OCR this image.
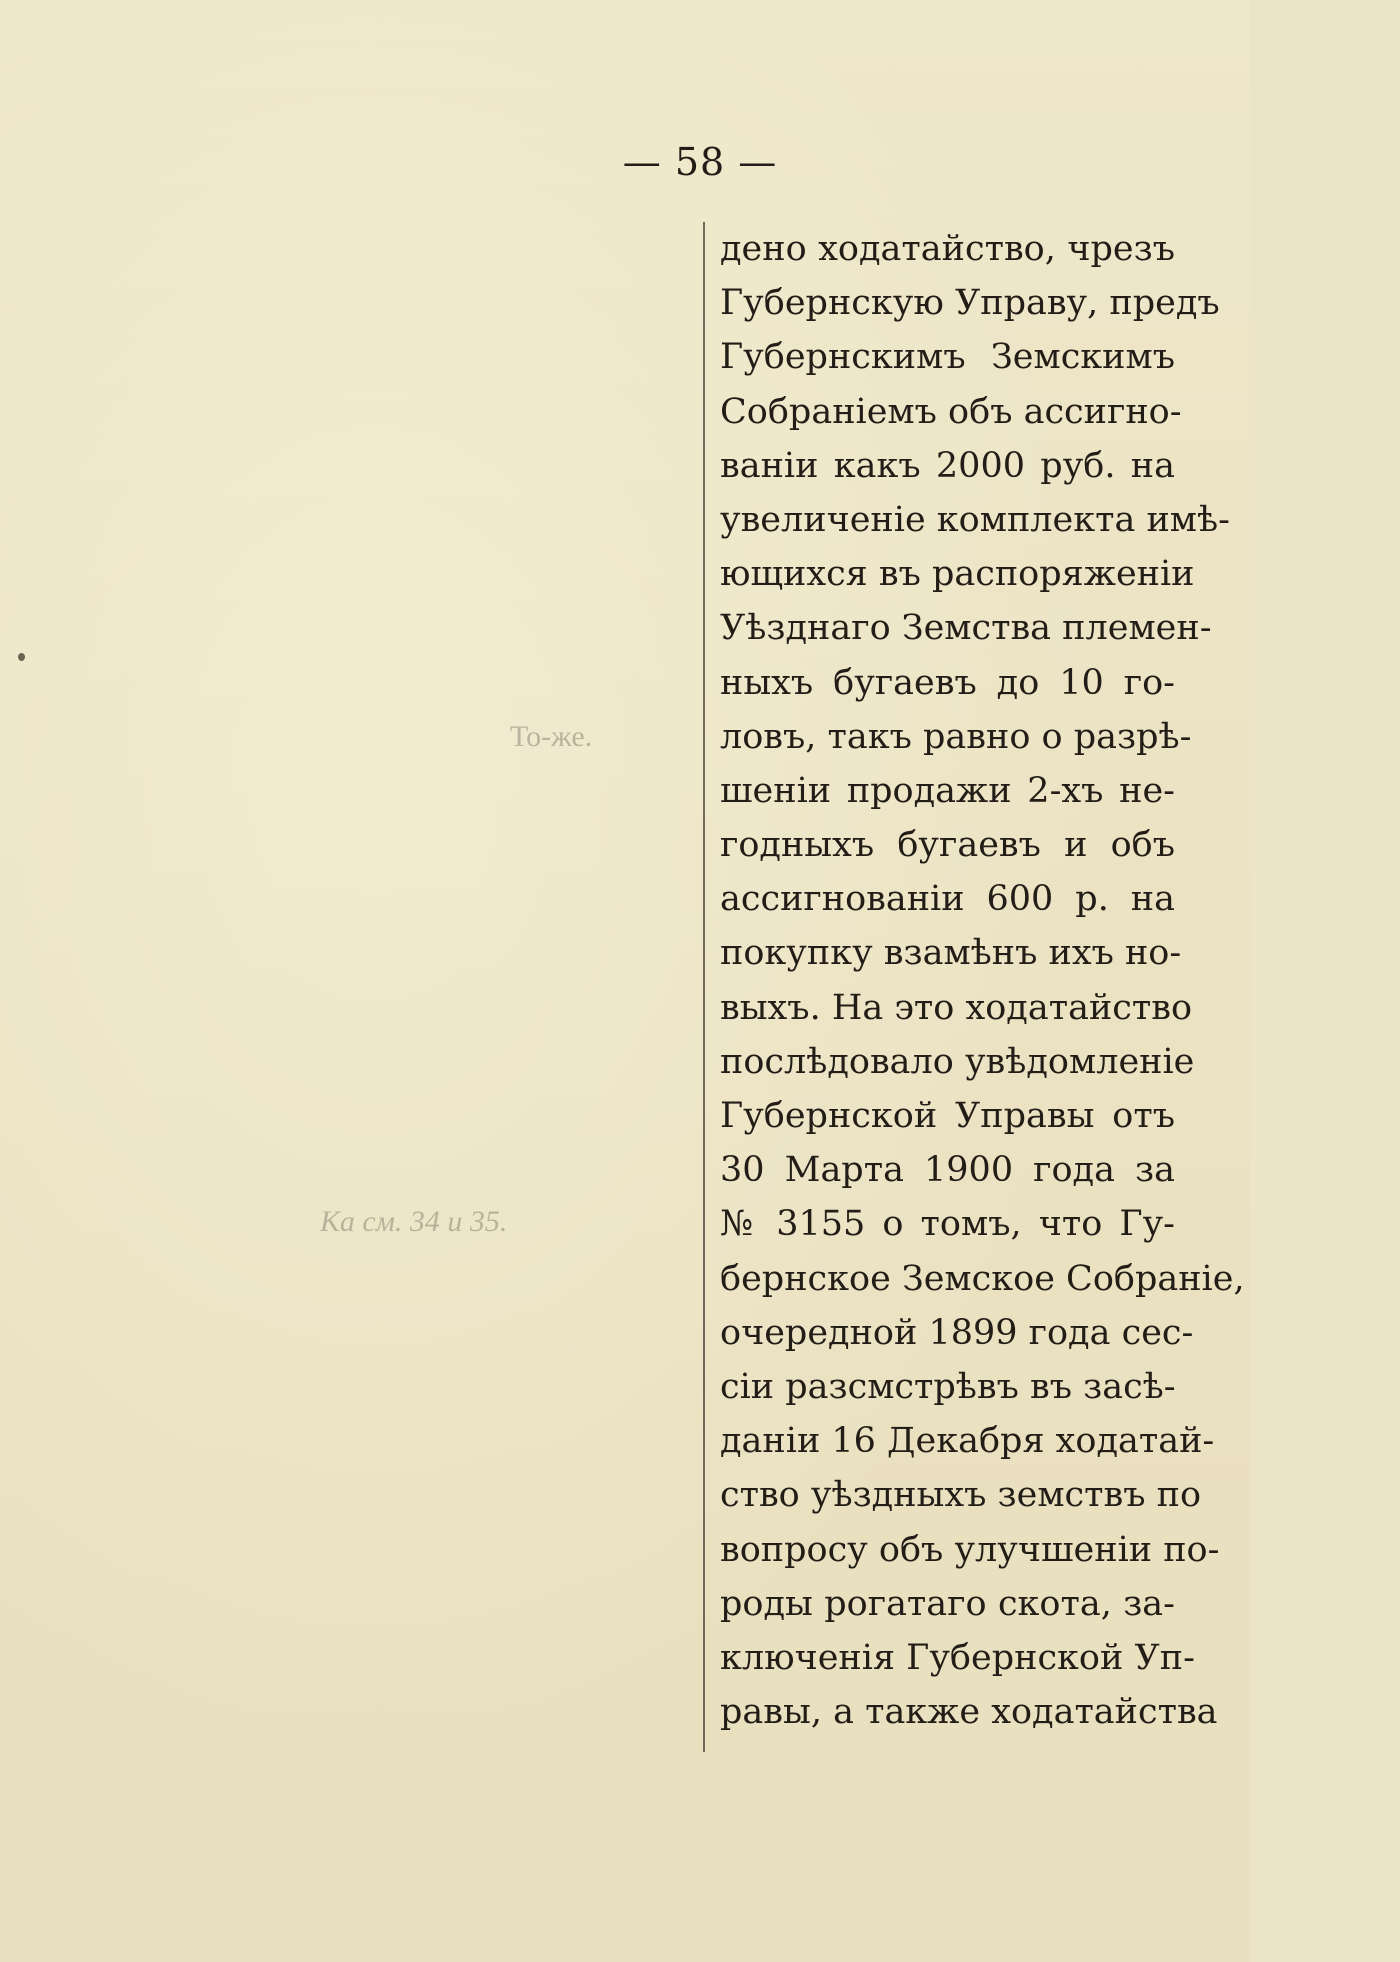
— 58 —
То-же.
Ка см. 34 и 35.
дено ходатайство, чрезъ
Губернскую Управу, предъ
Губернскимъ Земскимъ
Собраніемъ объ ассигно-
ваніи какъ 2000 руб. на
увеличеніе комплекта имѣ-
ющихся въ распоряженіи
Уѣзднаго Земства племен-
ныхъ бугаевъ до 10 го-
ловъ, такъ равно о разрѣ-
шеніи продажи 2-хъ не-
годныхъ бугаевъ и объ
ассигнованіи 600 р. на
покупку взамѣнъ ихъ но-
выхъ. На это ходатайство
послѣдовало увѣдомленіе
Губернской Управы отъ
30 Марта 1900 года за
№ 3155 о томъ, что Гу-
бернское Земское Собраніе,
очередной 1899 года сес-
сіи разсмстрѣвъ въ засѣ-
даніи 16 Декабря ходатай-
ство уѣздныхъ земствъ по
вопросу объ улучшеніи по-
роды рогатаго скота, за-
ключенія Губернской Уп-
равы, а также ходатайства
